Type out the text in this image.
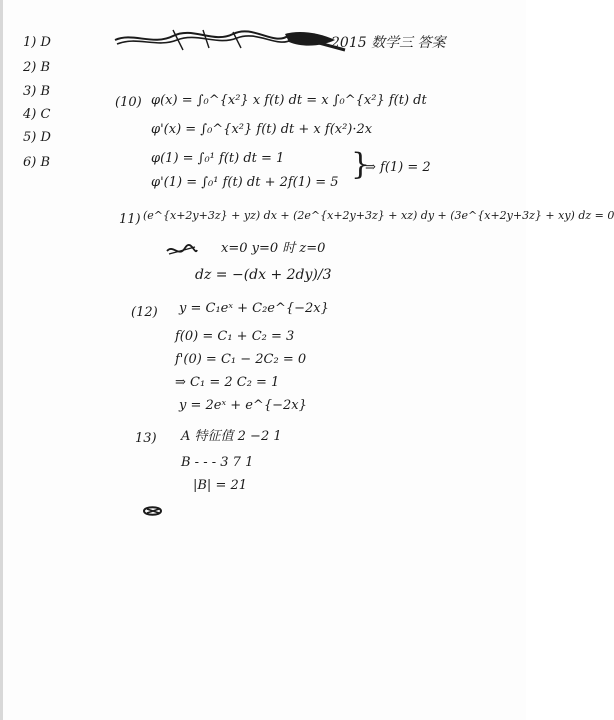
2015 数学三 答案
1) D
2) B
3) B
4) C
5) D
6) B
(10) φ(x) = ∫₀^{x²} x f(t) dt = x ∫₀^{x²} f(t) dt
φ'(x) = ∫₀^{x²} f(t) dt + x f(x²)·2x
φ(1) = ∫₀¹ f(t) dt = 1
φ'(1) = ∫₀¹ f(t) dt + 2f(1) = 5
}
⇒ f(1) = 2
11) (e^{x+2y+3z} + yz) dx + (2e^{x+2y+3z} + xz) dy + (3e^{x+2y+3z} + xy) dz = 0
x=0 y=0 时 z=0
dz = −(dx + 2dy)/3
(12) y = C₁eˣ + C₂e^{−2x}
f(0) = C₁ + C₂ = 3
f'(0) = C₁ − 2C₂ = 0
⇒ C₁ = 2 C₂ = 1
y = 2eˣ + e^{−2x}
13) A 特征值 2 −2 1
B - - - 3 7 1
|B| = 21
